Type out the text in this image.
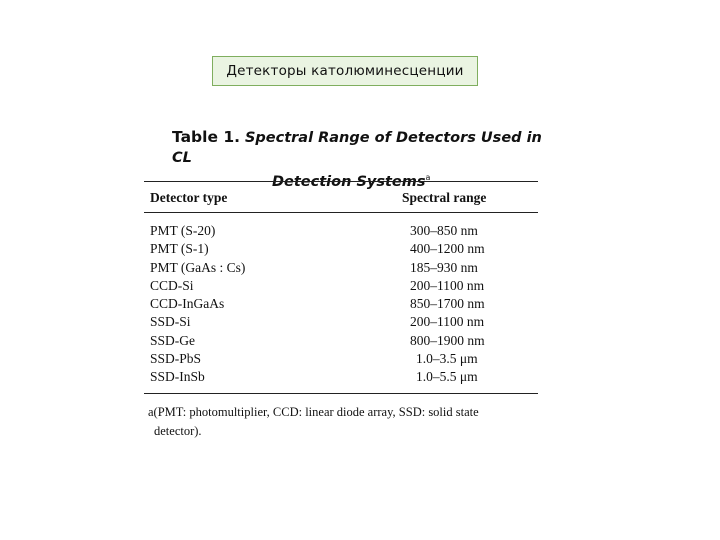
Детекторы католюминесценции
Table 1. Spectral Range of Detectors Used in CL
Detection Systems$^a$
Detector type	Spectral range
PMT (S-20)	300–850 nm
PMT (S-1)	400–1200 nm
PMT (GaAs : Cs)	185–930 nm
CCD-Si	200–1100 nm
CCD-InGaAs	850–1700 nm
SSD-Si	200–1100 nm
SSD-Ge	800–1900 nm
SSD-PbS	1.0–3.5 μm
SSD-InSb	1.0–5.5 μm
a(PMT: photomultiplier, CCD: linear diode array, SSD: solid state
detector).
